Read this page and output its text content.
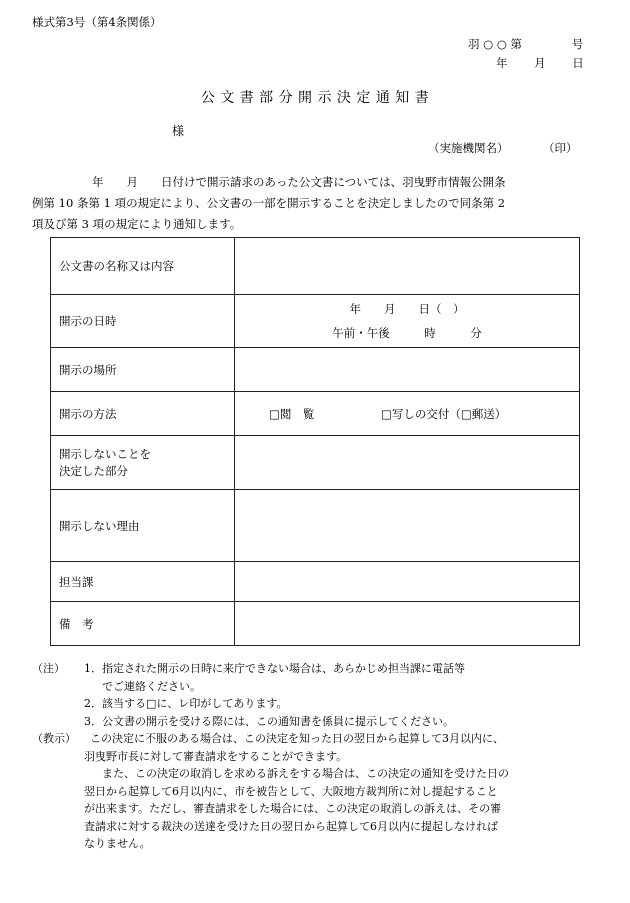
様式第3号（第4条関係）
羽 ○ ○ 第　　　　 号
年　　 月　　 日
公 文 書 部 分 開 示 決 定 通 知 書
様
（実施機関名）　　　　（印）
年　　月　　日付けで開示請求のあった公文書については、羽曳野市情報公開条
例第 10 条第 1 項の規定により、公文書の一部を開示することを決定しましたので同条第 2
項及び第 3 項の規定により通知します。
公文書の名称又は内容	
開示の日時	年　　月　　日（　）
午前・午後　　　時　　　分

開示の場所	
開示の方法	□閲　覧 □写しの交付（□郵送）

開示しないことを
決定した部分	

開示しない理由	
担当課	
備　考	
（注）	1．指定された開示の日時に来庁できない場合は、あらかじめ担当課に電話等
でご連絡ください。
2．該当する□に、レ印がしてあります。
3．公文書の開示を受ける際には、この通知書を係員に提示してください。
（教示）	この決定に不服のある場合は、この決定を知った日の翌日から起算して3月以内に、
羽曳野市長に対して審査請求をすることができます。
また、この決定の取消しを求める訴えをする場合は、この決定の通知を受けた日の
翌日から起算して6月以内に、市を被告として、大阪地方裁判所に対し提起すること
が出来ます。ただし、審査請求をした場合には、この決定の取消しの訴えは、その審
査請求に対する裁決の送達を受けた日の翌日から起算して6月以内に提起しなければ
なりません。
